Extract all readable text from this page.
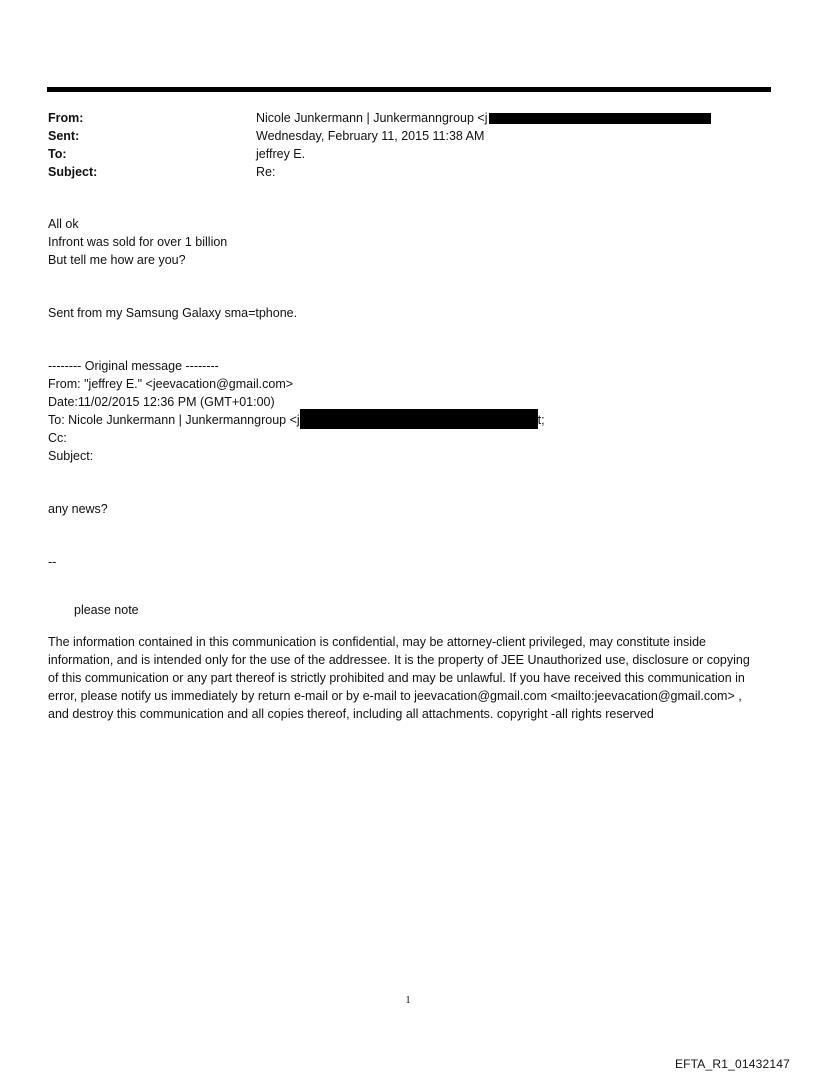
From:	Nicole Junkermann | Junkermanngroup <j
Sent:	Wednesday, February 11, 2015 11:38 AM
To:	jeffrey E.
Subject:	Re:
All ok
Infront was sold for over 1 billion
But tell me how are you?
Sent from my Samsung Galaxy sma=tphone.
-------- Original message --------
From: "jeffrey E." <jeevacation@gmail.com>
Date:11/02/2015 12:36 PM (GMT+01:00)
To: Nicole Junkermann | Junkermanngroup <j	t;
Cc:
Subject:
any news?
--
please note
The information contained in this communication is confidential, may be attorney-client privileged, may constitute inside information, and is intended only for the use of the addressee. It is the property of JEE Unauthorized use, disclosure or copying of this communication or any part thereof is strictly prohibited and may be unlawful. If you have received this communication in error, please notify us immediately by return e-mail or by e-mail to jeevacation@gmail.com <mailto:jeevacation@gmail.com> , and destroy this communication and all copies thereof, including all attachments. copyright -all rights reserved
1
EFTA_R1_01432147
